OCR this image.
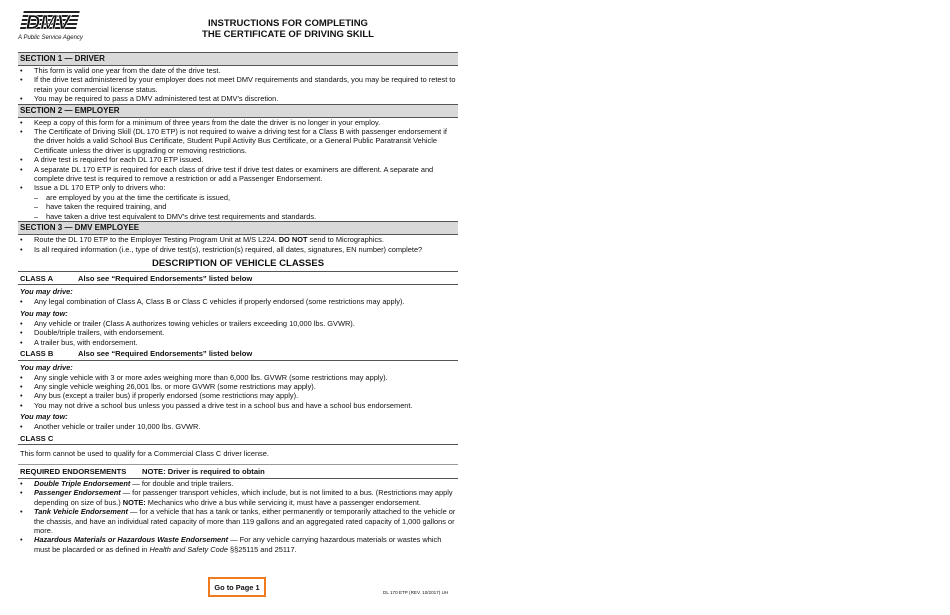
DMV
A Public Service Agency
INSTRUCTIONS FOR COMPLETING
THE CERTIFICATE OF DRIVING SKILL
SECTION 1 — DRIVER
• This form is valid one year from the date of the drive test.
• If the drive test administered by your employer does not meet DMV requirements and standards, you may be required to retest to retain your commercial license status.
• You may be required to pass a DMV administered test at DMV's discretion.
SECTION 2 — EMPLOYER
• Keep a copy of this form for a minimum of three years from the date the driver is no longer in your employ.
• The Certificate of Driving Skill (DL 170 ETP) is not required to waive a driving test for a Class B with passenger endorsement if the driver holds a valid School Bus Certificate, Student Pupil Activity Bus Certificate, or a General Public Paratransit Vehicle Certificate unless the driver is upgrading or removing restrictions.
• A drive test is required for each DL 170 ETP issued.
• A separate DL 170 ETP is required for each class of drive test if drive test dates or examiners are different. A separate and complete drive test is required to remove a restriction or add a Passenger Endorsement.
• Issue a DL 170 ETP only to drivers who:
– are employed by you at the time the certificate is issued,
– have taken the required training, and
– have taken a drive test equivalent to DMV's drive test requirements and standards.
SECTION 3 — DMV EMPLOYEE
• Route the DL 170 ETP to the Employer Testing Program Unit at M/S L224. DO NOT send to Micrographics.
• Is all required information (i.e., type of drive test(s), restriction(s) required, all dates, signatures, EN number) complete?
DESCRIPTION OF VEHICLE CLASSES
CLASS A	Also see “Required Endorsements” listed below
You may drive:
• Any legal combination of Class A, Class B or Class C vehicles if properly endorsed (some restrictions may apply).
You may tow:
• Any vehicle or trailer (Class A authorizes towing vehicles or trailers exceeding 10,000 lbs. GVWR).
• Double/triple trailers, with endorsement.
• A trailer bus, with endorsement.
CLASS B	Also see “Required Endorsements” listed below
You may drive:
• Any single vehicle with 3 or more axles weighing more than 6,000 lbs. GVWR (some restrictions may apply).
• Any single vehicle weighing 26,001 lbs. or more GVWR (some restrictions may apply).
• Any bus (except a trailer bus) if properly endorsed (some restrictions may apply).
• You may not drive a school bus unless you passed a drive test in a school bus and have a school bus endorsement.
You may tow:
• Another vehicle or trailer under 10,000 lbs. GVWR.
CLASS C
This form cannot be used to qualify for a Commercial Class C driver license.
REQUIRED ENDORSEMENTS NOTE: Driver is required to obtain
• Double Triple Endorsement — for double and triple trailers.
• Passenger Endorsement — for passenger transport vehicles, which include, but is not limited to a bus. (Restrictions may apply depending on size of bus.) NOTE: Mechanics who drive a bus while servicing it, must have a passenger endorsement.
• Tank Vehicle Endorsement — for a vehicle that has a tank or tanks, either permanently or temporarily attached to the vehicle or the chassis, and have an individual rated capacity of more than 119 gallons and an aggregated rated capacity of 1,000 gallons or more.
• Hazardous Materials or Hazardous Waste Endorsement — For any vehicle carrying hazardous materials or wastes which must be placarded or as defined in Health and Safety Code §§25115 and 25117.
Go to Page 1
DL 170 ETP (REV. 10/2017) UH
